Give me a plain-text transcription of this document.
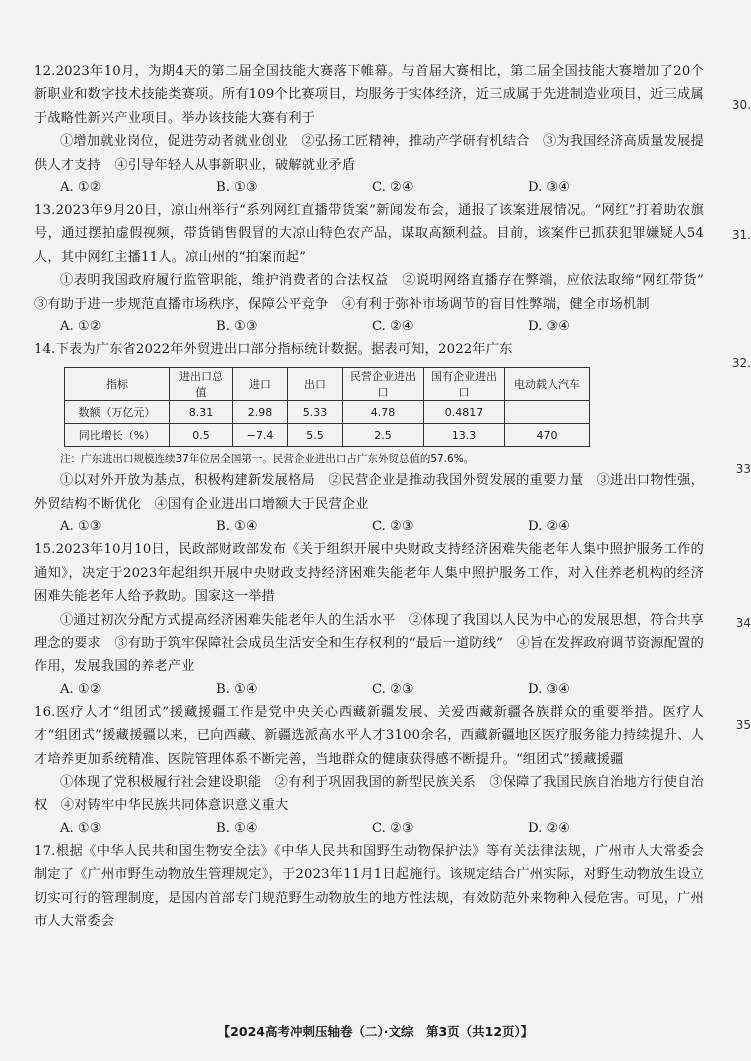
30.
31.
32.
33
34
35

12.2023年10月，为期4天的第二届全国技能大赛落下帷幕。与首届大赛相比，第二届全国技能大赛增加了20个新职业和数字技术技能类赛项。所有109个比赛项目，均服务于实体经济，近三成属于先进制造业项目，近三成属于战略性新兴产业项目。举办该技能大赛有利于

①增加就业岗位，促进劳动者就业创业　②弘扬工匠精神，推动产学研有机结合　③为我国经济高质量发展提供人才支持　④引导年轻人从事新职业，破解就业矛盾

A. ①②	B. ①③	C. ②④	D. ③④

13.2023年9月20日，凉山州举行“系列网红直播带货案”新闻发布会，通报了该案进展情况。“网红”打着助农旗号，通过摆拍虚假视频，带货销售假冒的大凉山特色农产品，谋取高额利益。目前，该案件已抓获犯罪嫌疑人54人，其中网红主播11人。凉山州的“拍案而起”

①表明我国政府履行监管职能，维护消费者的合法权益　②说明网络直播存在弊端，应依法取缔“网红带货”　③有助于进一步规范直播市场秩序，保障公平竞争　④有利于弥补市场调节的盲目性弊端，健全市场机制

A. ①②	B. ①③	C. ②④	D. ③④

14.下表为广东省2022年外贸进出口部分指标统计数据。据表可知，2022年广东

指标	进出口总值	进口	出口	民营企业进出口	国有企业进出口	电动载人汽车
数额（万亿元）	8.31	2.98	5.33	4.78	0.4817	
同比增长（%）	0.5	−7.4	5.5	2.5	13.3	470
注：广东进出口规模连续37年位居全国第一。民营企业进出口占广东外贸总值的57.6%。

①以对外开放为基点，积极构建新发展格局　②民营企业是推动我国外贸发展的重要力量　③进出口物性强，外贸结构不断优化　④国有企业进出口增额大于民营企业

A. ①③	B. ①④	C. ②③	D. ②④

15.2023年10月10日，民政部财政部发布《关于组织开展中央财政支持经济困难失能老年人集中照护服务工作的通知》，决定于2023年起组织开展中央财政支持经济困难失能老年人集中照护服务工作，对入住养老机构的经济困难失能老年人给予救助。国家这一举措

①通过初次分配方式提高经济困难失能老年人的生活水平　②体现了我国以人民为中心的发展思想，符合共享理念的要求　③有助于筑牢保障社会成员生活安全和生存权利的“最后一道防线”　④旨在发挥政府调节资源配置的作用，发展我国的养老产业

A. ①②	B. ①④	C. ②③	D. ③④

16.医疗人才“组团式”援藏援疆工作是党中央关心西藏新疆发展、关爱西藏新疆各族群众的重要举措。医疗人才“组团式”援藏援疆以来，已向西藏、新疆选派高水平人才3100余名，西藏新疆地区医疗服务能力持续提升、人才培养更加系统精准、医院管理体系不断完善，当地群众的健康获得感不断提升。“组团式”援藏援疆

①体现了党积极履行社会建设职能　②有利于巩固我国的新型民族关系　③保障了我国民族自治地方行使自治权　④对铸牢中华民族共同体意识意义重大

A. ①③	B. ①④	C. ②③	D. ②④

17.根据《中华人民共和国生物安全法》《中华人民共和国野生动物保护法》等有关法律法规，广州市人大常委会制定了《广州市野生动物放生管理规定》，于2023年11月1日起施行。该规定结合广州实际，对野生动物放生设立切实可行的管理制度，是国内首部专门规范野生动物放生的地方性法规，有效防范外来物种入侵危害。可见，广州市人大常委会

【2024高考冲刺压轴卷（二）·文综　第3页（共12页）】
